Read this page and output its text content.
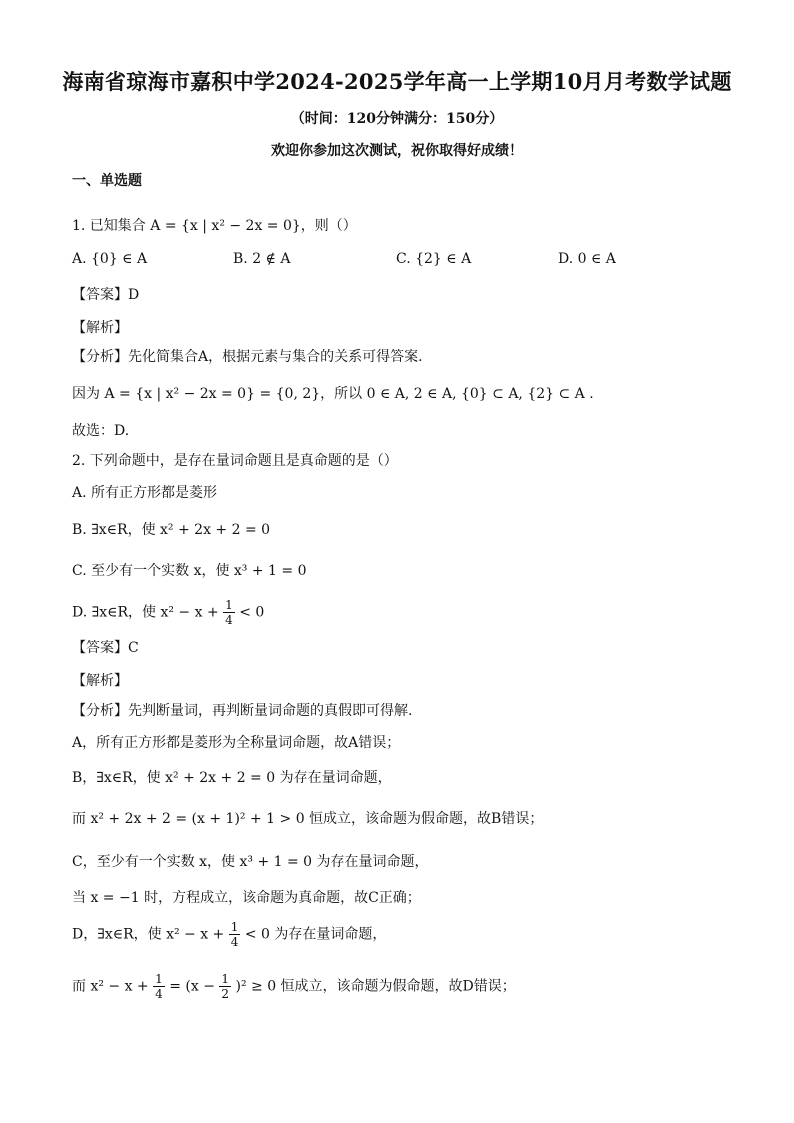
海南省琼海市嘉积中学2024-2025学年高一上学期10月月考数学试题
（时间：120分钟满分：150分）
欢迎你参加这次测试，祝你取得好成绩！
一、单选题
1. 已知集合 A = {x | x² − 2x = 0}，则（）
A. {0} ∈ A	B. 2 ∉ A	C. {2} ∈ A	D. 0 ∈ A
【答案】D
【解析】
【分析】先化简集合A，根据元素与集合的关系可得答案.
因为 A = {x | x² − 2x = 0} = {0, 2}，所以 0 ∈ A, 2 ∈ A, {0} ⊂ A, {2} ⊂ A .
故选：D.
2. 下列命题中，是存在量词命题且是真命题的是（）
A. 所有正方形都是菱形
B. ∃x∈R，使 x² + 2x + 2 = 0
C. 至少有一个实数 x，使 x³ + 1 = 0
D. ∃x∈R，使 $x^2 - x + \frac{1}{4} < 0$
【答案】C
【解析】
【分析】先判断量词，再判断量词命题的真假即可得解.
A，所有正方形都是菱形为全称量词命题，故A错误；
B，∃x∈R，使 x² + 2x + 2 = 0 为存在量词命题，
而 x² + 2x + 2 = (x + 1)² + 1 > 0 恒成立，该命题为假命题，故B错误；
C，至少有一个实数 x，使 x³ + 1 = 0 为存在量词命题，
当 x = −1 时，方程成立，该命题为真命题，故C正确；
D，∃x∈R，使 $x^2 - x + \frac{1}{4} < 0$ 为存在量词命题，
而 $x^2 - x + \frac{1}{4} = (x - \frac{1}{2} )^2 \ge 0$ 恒成立，该命题为假命题，故D错误；
